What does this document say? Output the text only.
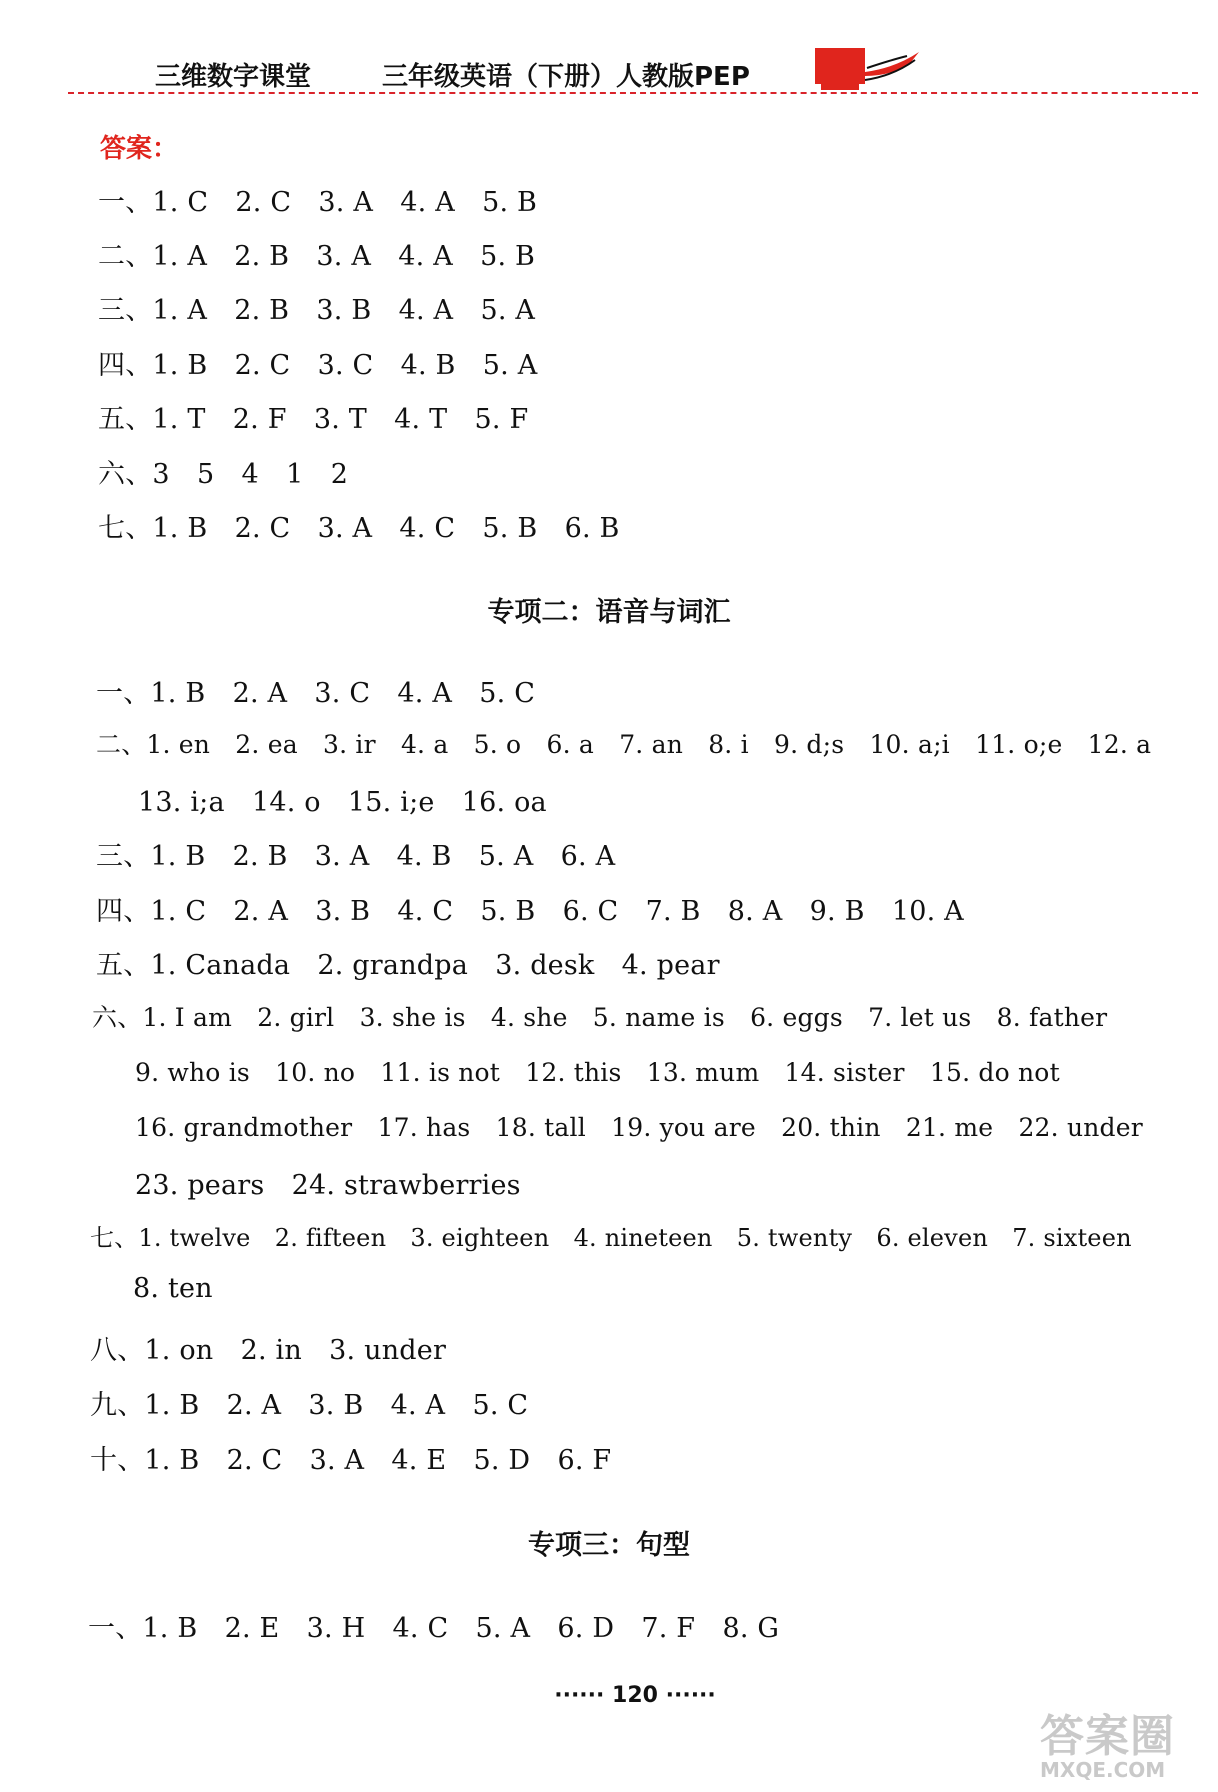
三维数字课堂	三年级英语（下册）人教版PEP
答案：
一、1. C　2. C　3. A　4. A　5. B
二、1. A　2. B　3. A　4. A　5. B
三、1. A　2. B　3. B　4. A　5. A
四、1. B　2. C　3. C　4. B　5. A
五、1. T　2. F　3. T　4. T　5. F
六、3　5　4　1　2
七、1. B　2. C　3. A　4. C　5. B　6. B
专项二：语音与词汇
一、1. B　2. A　3. C　4. A　5. C
二、1. en　2. ea　3. ir　4. a　5. o　6. a　7. an　8. i　9. d;s　10. a;i　11. o;e　12. a
13. i;a　14. o　15. i;e　16. oa
三、1. B　2. B　3. A　4. B　5. A　6. A
四、1. C　2. A　3. B　4. C　5. B　6. C　7. B　8. A　9. B　10. A
五、1. Canada　2. grandpa　3. desk　4. pear
六、1. I am　2. girl　3. she is　4. she　5. name is　6. eggs　7. let us　8. father
9. who is　10. no　11. is not　12. this　13. mum　14. sister　15. do not
16. grandmother　17. has　18. tall　19. you are　20. thin　21. me　22. under
23. pears　24. strawberries
七、1. twelve　2. fifteen　3. eighteen　4. nineteen　5. twenty　6. eleven　7. sixteen
8. ten
八、1. on　2. in　3. under
九、1. B　2. A　3. B　4. A　5. C
十、1. B　2. C　3. A　4. E　5. D　6. F
专项三：句型
一、1. B　2. E　3. H　4. C　5. A　6. D　7. F　8. G
······ 120 ······
答案圈
MXQE.COM
